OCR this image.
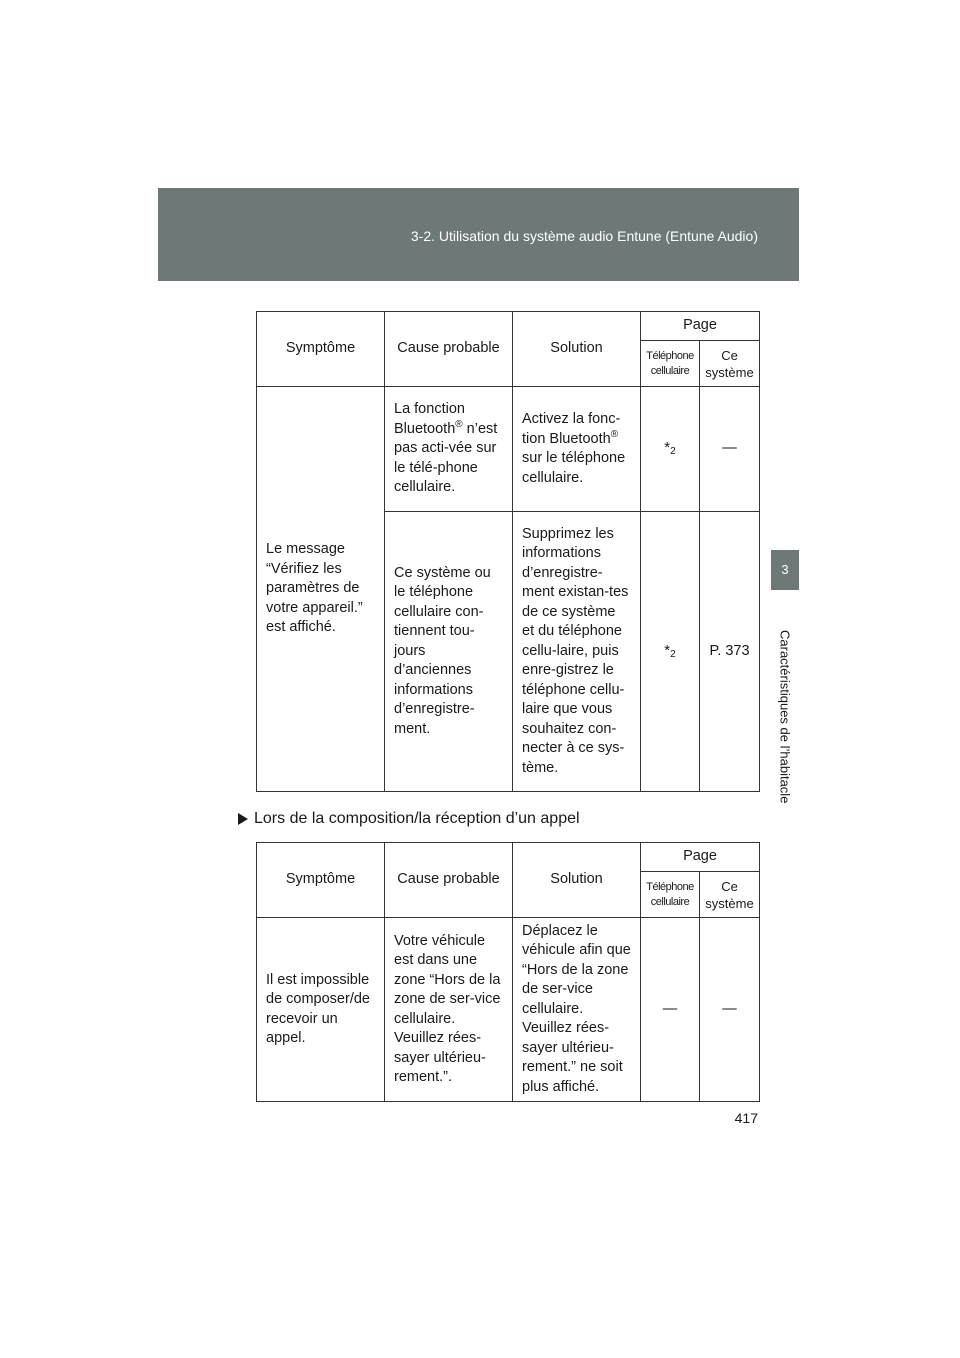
3-2. Utilisation du système audio Entune (Entune Audio)
3
Caractéristiques de l’habitacle
Symptôme	Cause probable	Solution	Page	
			Téléphone cellulaire	Ce système
Le message “Vérifiez les paramètres de votre appareil.” est affiché.	La fonction Bluetooth® n’est pas acti-vée sur le télé-phone cellulaire.	Activez la fonc-tion Bluetooth® sur le téléphone cellulaire.	$*_2$	—
	Ce système ou le téléphone cellulaire con-tiennent tou-jours d’anciennes informations d’enregistre-ment.	Supprimez les informations d’enregistre-ment existan-tes de ce système et du téléphone cellu-laire, puis enre-gistrez le téléphone cellu-laire que vous souhaitez con-necter à ce sys-tème.	$*_2$	P. 373
Lors de la composition/la réception d’un appel
Symptôme	Cause probable	Solution	Page	
			Téléphone cellulaire	Ce système
Il est impossible de composer/de recevoir un appel.	Votre véhicule est dans une zone “Hors de la zone de ser-vice cellulaire. Veuillez rées-sayer ultérieu-rement.”.	Déplacez le véhicule afin que “Hors de la zone de ser-vice cellulaire. Veuillez rées-sayer ultérieu-rement.” ne soit plus affiché.	—	—
417
